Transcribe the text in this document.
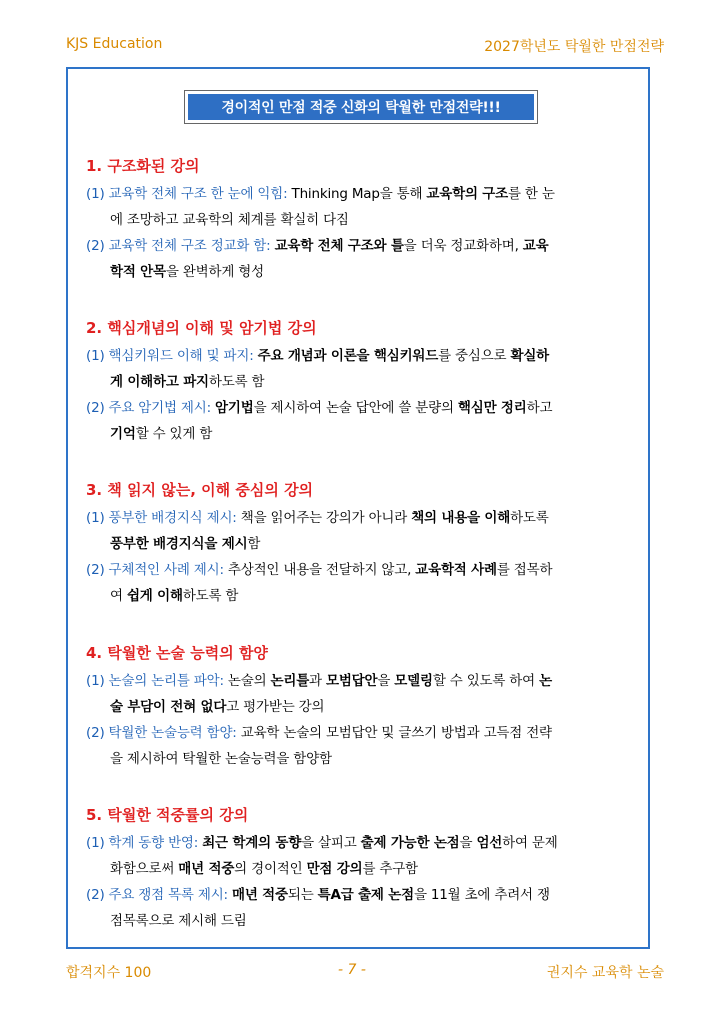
KJS Education	2027학년도 탁월한 만점전략
경이적인 만점 적중 신화의 탁월한 만점전략!!!
1. 구조화된 강의
(1) 교육학 전체 구조 한 눈에 익힘: Thinking Map을 통해 교육학의 구조를 한 눈
에 조망하고 교육학의 체계를 확실히 다짐
(2) 교육학 전체 구조 정교화 함: 교육학 전체 구조와 틀을 더욱 정교화하며, 교육
학적 안목을 완벽하게 형성
2. 핵심개념의 이해 및 암기법 강의
(1) 핵심키워드 이해 및 파지: 주요 개념과 이론을 핵심키워드를 중심으로 확실하
게 이해하고 파지하도록 함
(2) 주요 암기법 제시: 암기법을 제시하여 논술 답안에 쓸 분량의 핵심만 정리하고
기억할 수 있게 함
3. 책 읽지 않는, 이해 중심의 강의
(1) 풍부한 배경지식 제시: 책을 읽어주는 강의가 아니라 책의 내용을 이해하도록
풍부한 배경지식을 제시함
(2) 구체적인 사례 제시: 추상적인 내용을 전달하지 않고, 교육학적 사례를 접목하
여 쉽게 이해하도록 함
4. 탁월한 논술 능력의 함양
(1) 논술의 논리틀 파악: 논술의 논리틀과 모범답안을 모델링할 수 있도록 하여 논
술 부담이 전혀 없다고 평가받는 강의
(2) 탁월한 논술능력 함양: 교육학 논술의 모범답안 및 글쓰기 방법과 고득점 전략
을 제시하여 탁월한 논술능력을 함양함
5. 탁월한 적중률의 강의
(1) 학계 동향 반영: 최근 학계의 동향을 살피고 출제 가능한 논점을 엄선하여 문제
화함으로써 매년 적중의 경이적인 만점 강의를 추구함
(2) 주요 쟁점 목록 제시: 매년 적중되는 특A급 출제 논점을 11월 초에 추려서 쟁
점목록으로 제시해 드림
합격지수 100	- 7 -	권지수 교육학 논술
